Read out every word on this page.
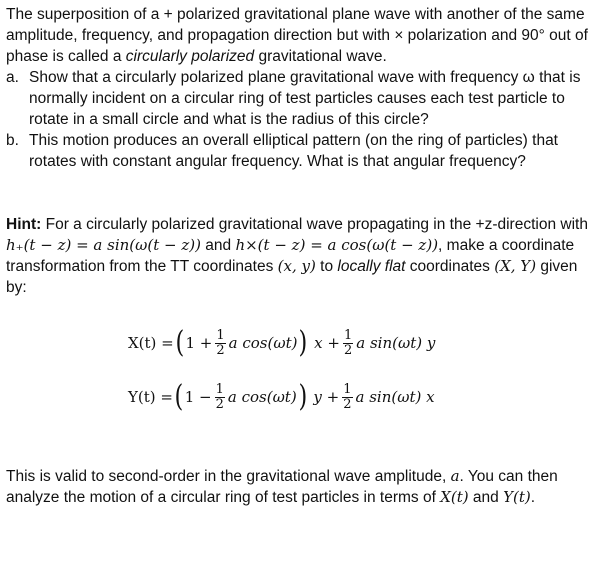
The superposition of a + polarized gravitational plane wave with another of the same amplitude, frequency, and propagation direction but with × polarization and 90° out of phase is called a circularly polarized gravitational wave.

a. Show that a circularly polarized plane gravitational wave with frequency ω that is normally incident on a circular ring of test particles causes each test particle to rotate in a small circle and what is the radius of this circle?
b. This motion produces an overall elliptical pattern (on the ring of particles) that rotates with constant angular frequency. What is that angular frequency?

Hint: For a circularly polarized gravitational wave propagating in the +z-direction with h₊(t − z) = a sin(ω(t − z)) and h×(t − z) = a cos(ω(t − z)), make a coordinate transformation from the TT coordinates (x, y) to locally flat coordinates (X, Y) given by:

X(t) = ( $1 + \frac{1}{2}$ a cos(ωt) ) $x + \frac{1}{2}$ a sin(ωt) y
Y(t) = ( $1 - \frac{1}{2}$ a cos(ωt) ) $y + \frac{1}{2}$ a sin(ωt) x

This is valid to second-order in the gravitational wave amplitude, a. You can then analyze the motion of a circular ring of test particles in terms of X(t) and Y(t).
